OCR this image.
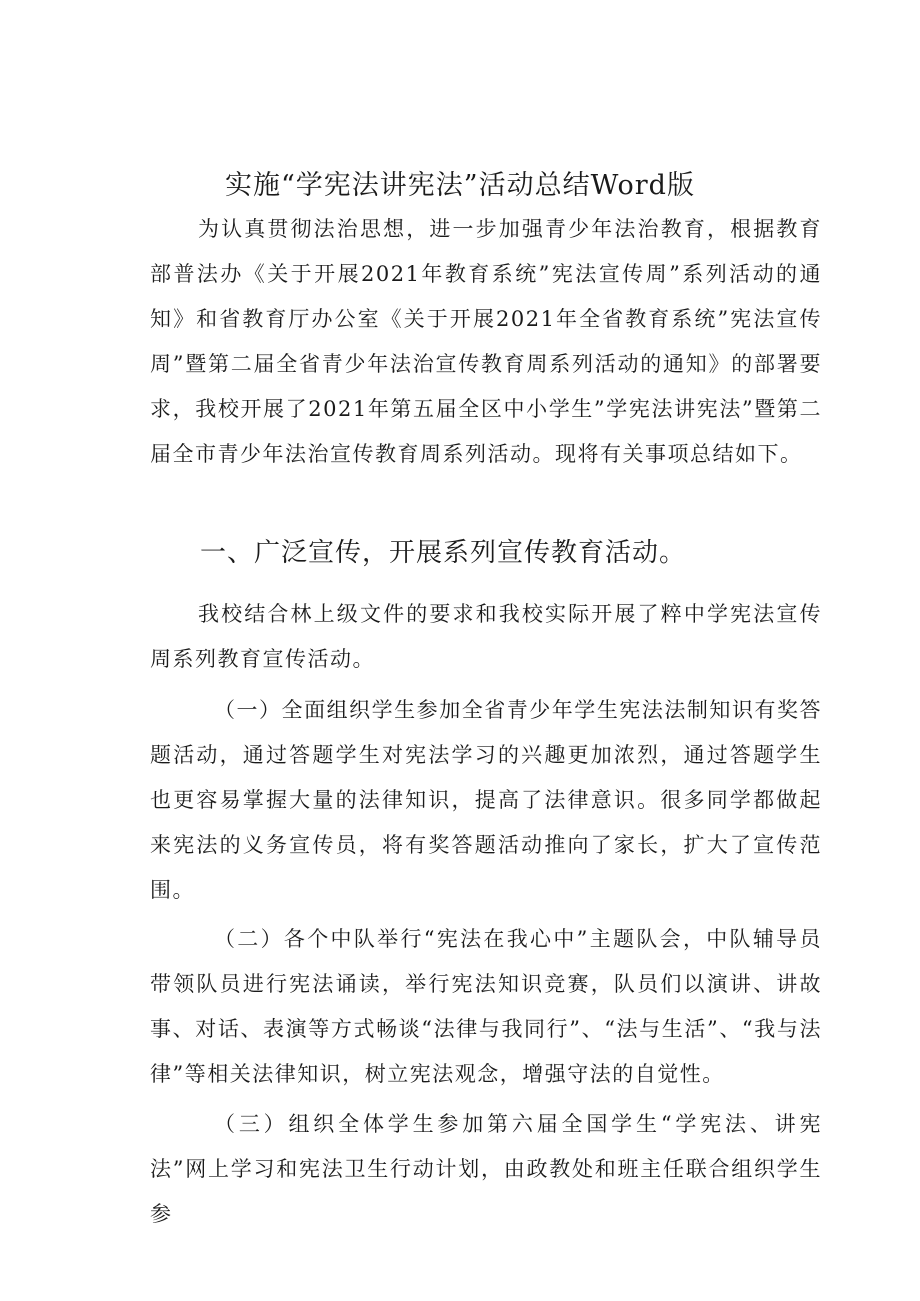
实施“学宪法讲宪法”活动总结Word版

为认真贯彻法治思想，进一步加强青少年法治教育，根据教育部普法办《关于开展2021年教育系统”宪法宣传周”系列活动的通知》和省教育厅办公室《关于开展2021年全省教育系统”宪法宣传周”暨第二届全省青少年法治宣传教育周系列活动的通知》的部署要求，我校开展了2021年第五届全区中小学生”学宪法讲宪法”暨第二届全市青少年法治宣传教育周系列活动。现将有关事项总结如下。

一、广泛宣传，开展系列宣传教育活动。

我校结合林上级文件的要求和我校实际开展了粹中学宪法宣传周系列教育宣传活动。

（一）全面组织学生参加全省青少年学生宪法法制知识有奖答题活动，通过答题学生对宪法学习的兴趣更加浓烈，通过答题学生也更容易掌握大量的法律知识，提高了法律意识。很多同学都做起来宪法的义务宣传员，将有奖答题活动推向了家长，扩大了宣传范围。

（二）各个中队举行“宪法在我心中”主题队会，中队辅导员带领队员进行宪法诵读，举行宪法知识竞赛，队员们以演讲、讲故事、对话、表演等方式畅谈“法律与我同行”、“法与生活”、“我与法律”等相关法律知识，树立宪法观念，增强守法的自觉性。

（三）组织全体学生参加第六届全国学生“学宪法、讲宪法”网上学习和宪法卫生行动计划，由政教处和班主任联合组织学生参
